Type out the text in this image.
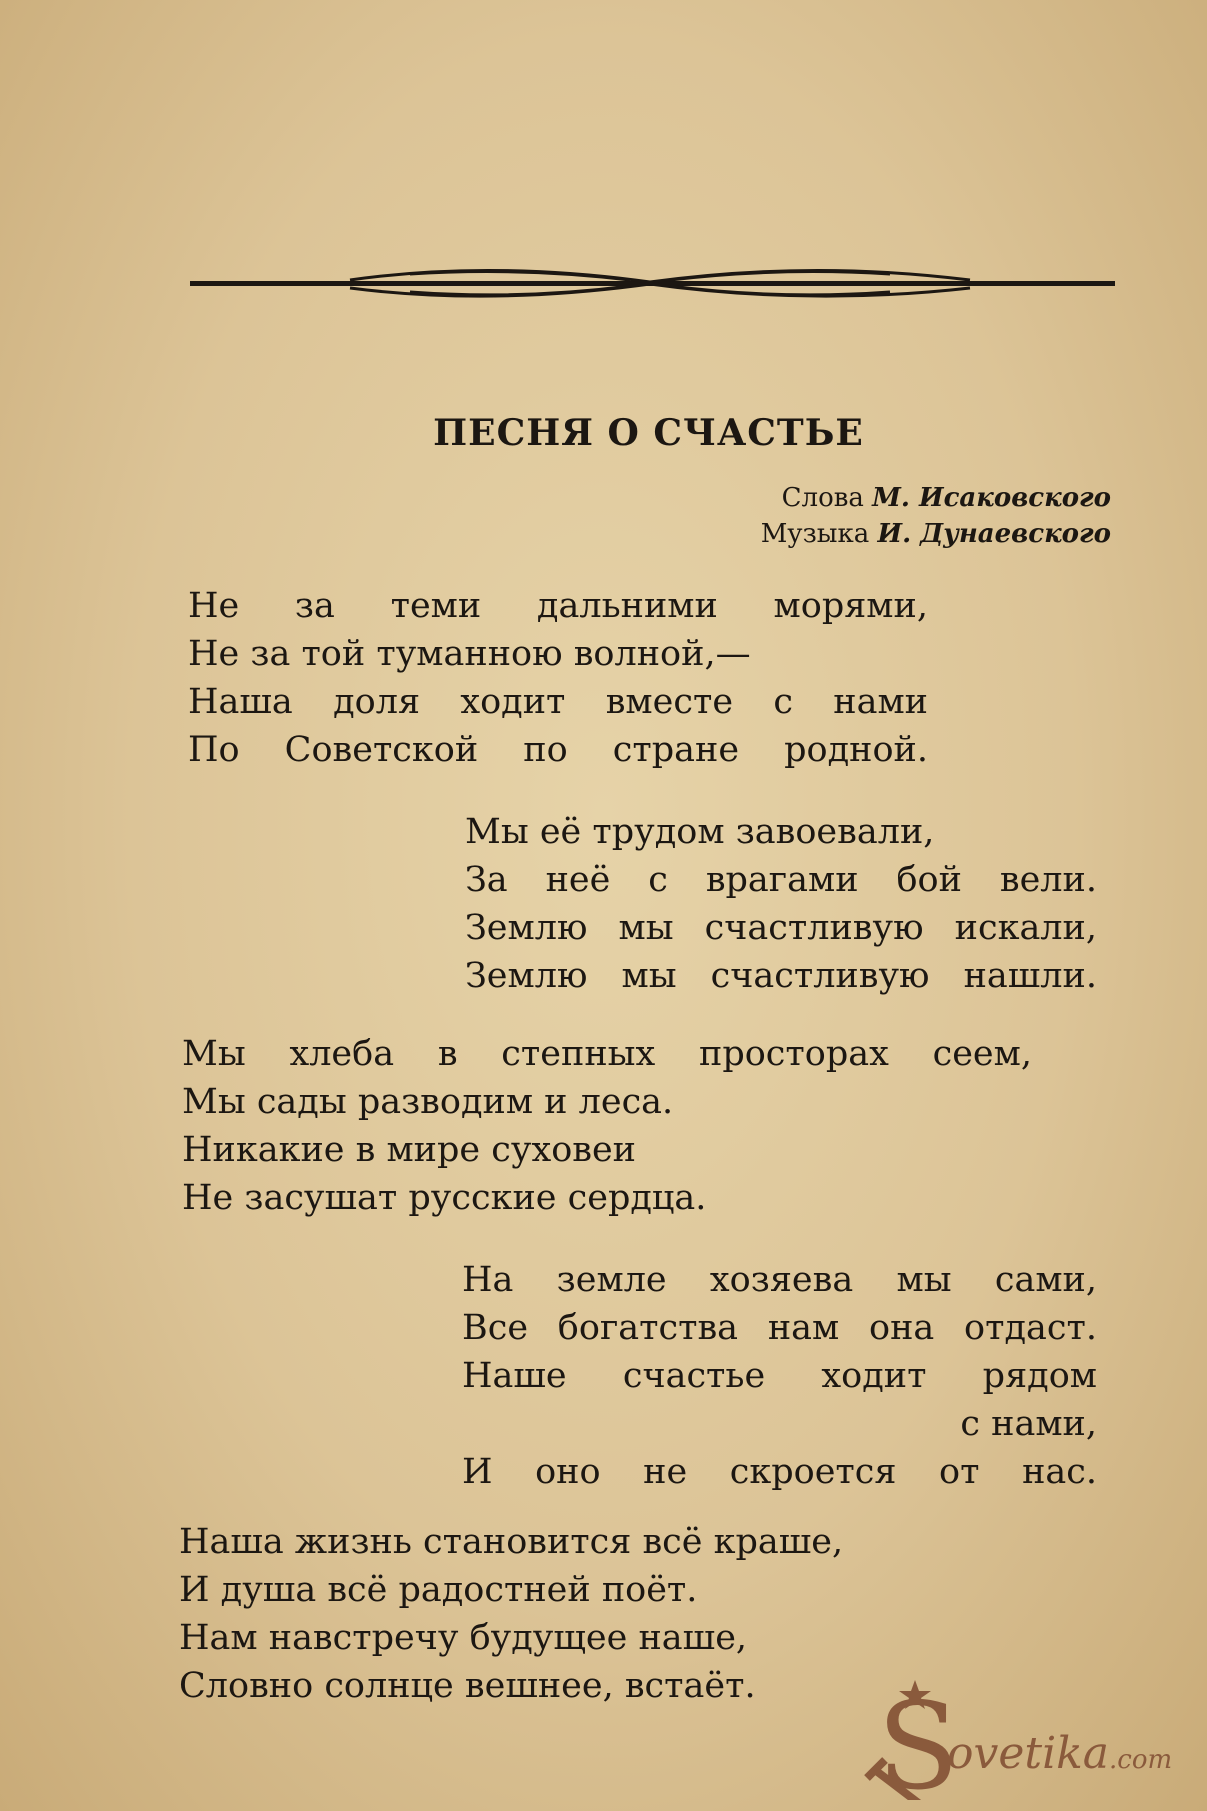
ПЕСНЯ О СЧАСТЬЕ
Слова М. Исаковского
Музыка И. Дунаевского
Не за теми дальними морями,
Не за той туманною волной,—
Наша доля ходит вместе с нами
По Советской по стране родной.
Мы её трудом завоевали,
За неё с врагами бой вели.
Землю мы счастливую искали,
Землю мы счастливую нашли.
Мы хлеба в степных просторах сеем,
Мы сады разводим и леса.
Никакие в мире суховеи
Не засушат русские сердца.
На земле хозяева мы сами,
Все богатства нам она отдаст.
Наше счастье ходит рядом
с нами,
И оно не скроется от нас.
Наша жизнь становится всё краше,
И душа всё радостней поёт.
Нам навстречу будущее наше,
Словно солнце вешнее, встаёт.	S
ovetika.com
